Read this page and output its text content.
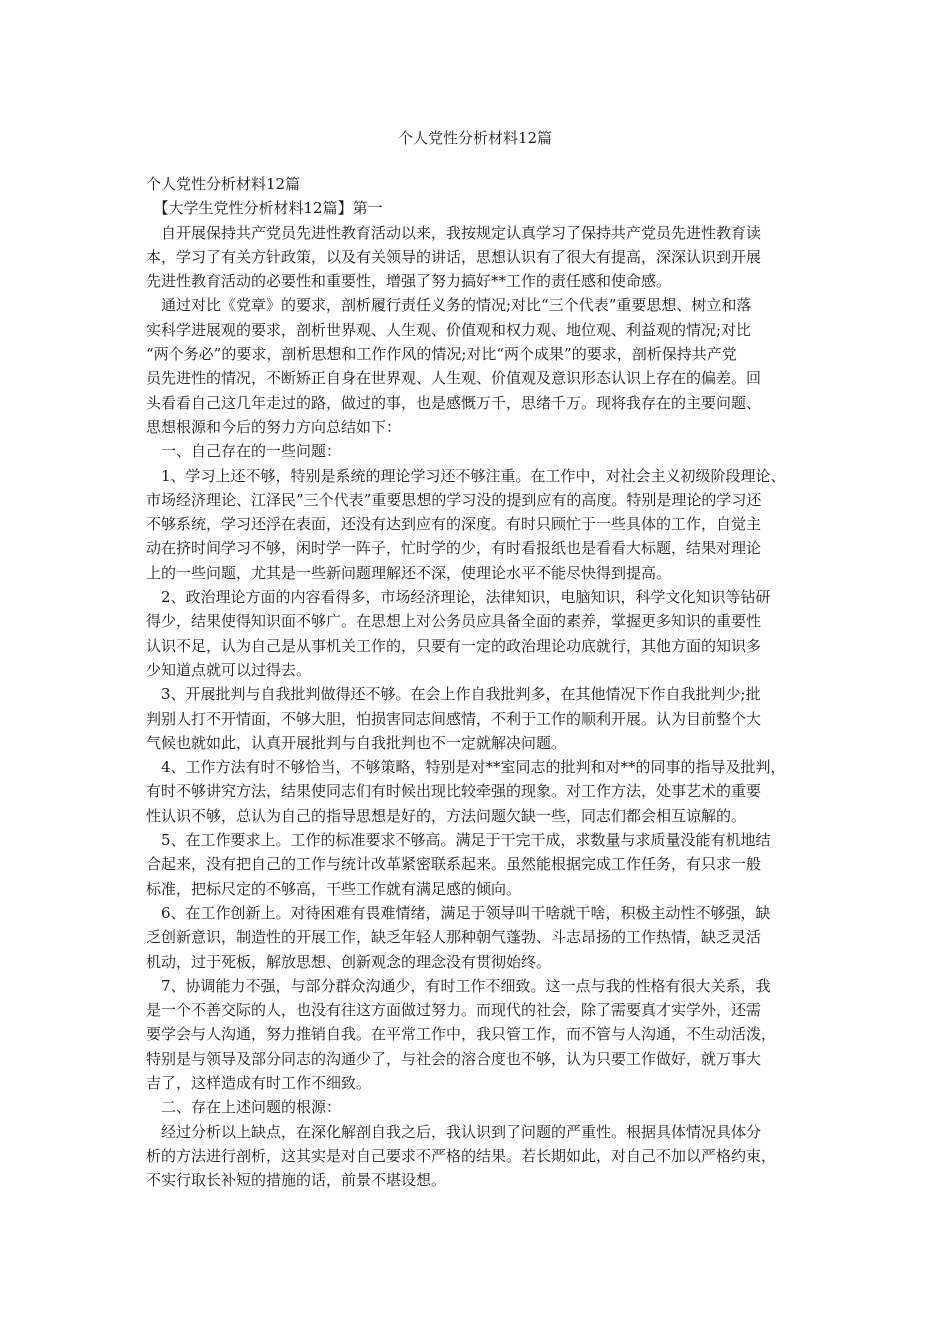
个人党性分析材料12篇
个人党性分析材料12篇
　【大学生党性分析材料12篇】第一
　自开展保持共产党员先进性教育活动以来，我按规定认真学习了保持共产党员先进性教育读
本，学习了有关方针政策，以及有关领导的讲话，思想认识有了很大有提高，深深认识到开展
先进性教育活动的必要性和重要性，增强了努力搞好**工作的责任感和使命感。
　通过对比《党章》的要求，剖析履行责任义务的情况;对比“三个代表”重要思想、树立和落
实科学进展观的要求，剖析世界观、人生观、价值观和权力观、地位观、利益观的情况;对比
“两个务必”的要求，剖析思想和工作作风的情况;对比“两个成果”的要求，剖析保持共产党
员先进性的情况，不断矫正自身在世界观、人生观、价值观及意识形态认识上存在的偏差。回
头看看自己这几年走过的路，做过的事，也是感慨万千，思绪千万。现将我存在的主要问题、
思想根源和今后的努力方向总结如下：
　一、自己存在的一些问题：
　1、学习上还不够，特别是系统的理论学习还不够注重。在工作中，对社会主义初级阶段理论、
市场经济理论、江泽民”三个代表”重要思想的学习没的提到应有的高度。特别是理论的学习还
不够系统，学习还浮在表面，还没有达到应有的深度。有时只顾忙于一些具体的工作，自觉主
动在挤时间学习不够，闲时学一阵子，忙时学的少，有时看报纸也是看看大标题，结果对理论
上的一些问题，尤其是一些新问题理解还不深，使理论水平不能尽快得到提高。
　2、政治理论方面的内容看得多，市场经济理论，法律知识，电脑知识，科学文化知识等钻研
得少，结果使得知识面不够广。在思想上对公务员应具备全面的素养，掌握更多知识的重要性
认识不足，认为自己是从事机关工作的，只要有一定的政治理论功底就行，其他方面的知识多
少知道点就可以过得去。
　3、开展批判与自我批判做得还不够。在会上作自我批判多，在其他情况下作自我批判少;批
判别人打不开情面，不够大胆，怕损害同志间感情，不利于工作的顺利开展。认为目前整个大
气候也就如此，认真开展批判与自我批判也不一定就解决问题。
　4、工作方法有时不够恰当，不够策略，特别是对**室同志的批判和对**的同事的指导及批判，
有时不够讲究方法，结果使同志们有时候出现比较牵强的现象。对工作方法，处事艺术的重要
性认识不够，总认为自己的指导思想是好的，方法问题欠缺一些，同志们都会相互谅解的。
　5、在工作要求上。工作的标准要求不够高。满足于干完干成，求数量与求质量没能有机地结
合起来，没有把自己的工作与统计改革紧密联系起来。虽然能根据完成工作任务，有只求一般
标准，把标尺定的不够高，干些工作就有满足感的倾向。
　6、在工作创新上。对待困难有畏难情绪，满足于领导叫干啥就干啥，积极主动性不够强，缺
乏创新意识，制造性的开展工作，缺乏年轻人那种朝气蓬勃、斗志昂扬的工作热情，缺乏灵活
机动，过于死板，解放思想、创新观念的理念没有贯彻始终。
　7、协调能力不强，与部分群众沟通少，有时工作不细致。这一点与我的性格有很大关系，我
是一个不善交际的人，也没有往这方面做过努力。而现代的社会，除了需要真才实学外，还需
要学会与人沟通，努力推销自我。在平常工作中，我只管工作，而不管与人沟通，不生动活泼，
特别是与领导及部分同志的沟通少了，与社会的溶合度也不够，认为只要工作做好，就万事大
吉了，这样造成有时工作不细致。
　二、存在上述问题的根源：
　经过分析以上缺点，在深化解剖自我之后，我认识到了问题的严重性。根据具体情况具体分
析的方法进行剖析，这其实是对自己要求不严格的结果。若长期如此，对自己不加以严格约束，
不实行取长补短的措施的话，前景不堪设想。
